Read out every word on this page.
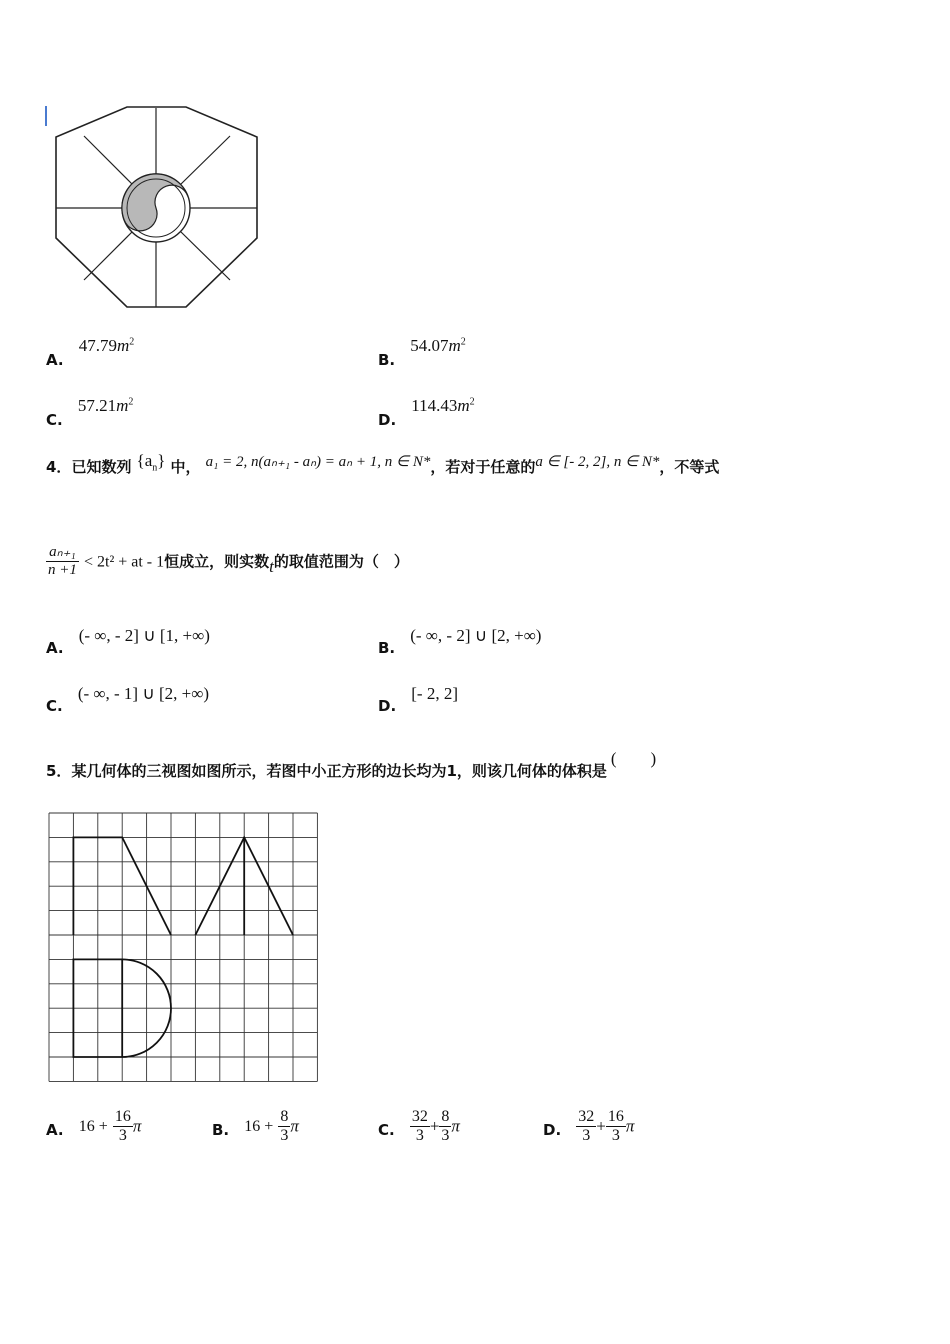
A. $47.79m^2$
B. $54.07m^2$
C. $57.21m^2$
D. $114.43m^2$
4．已知数列 $\{a_n\}$ 中， a₁ = 2, n(aₙ₊₁ - aₙ) = aₙ + 1, n ∈ N*，若对于任意的a ∈ [- 2, 2], n ∈ N*，不等式
$\frac{\text{aₙ₊₁}}{n +1} < 2t^2$ + at - 1恒成立，则实数t的取值范围为（　）
A. (- ∞, - 2] ∪ [1, +∞)
B. (- ∞, - 2] ∪ [2, +∞)
C. (- ∞, - 1] ∪ [2, +∞)
D. [- 2, 2]
5．某几何体的三视图如图所示，若图中小正方形的边长均为1，则该几何体的体积是(　　)
A. $16 + \frac{16}{3}$ π	B. $16 + \frac{8}{3}$ π	C. $\frac{32}{3} + \frac{8}{3}$ π	D. $\frac{32}{3} + \frac{16}{3}$ π
